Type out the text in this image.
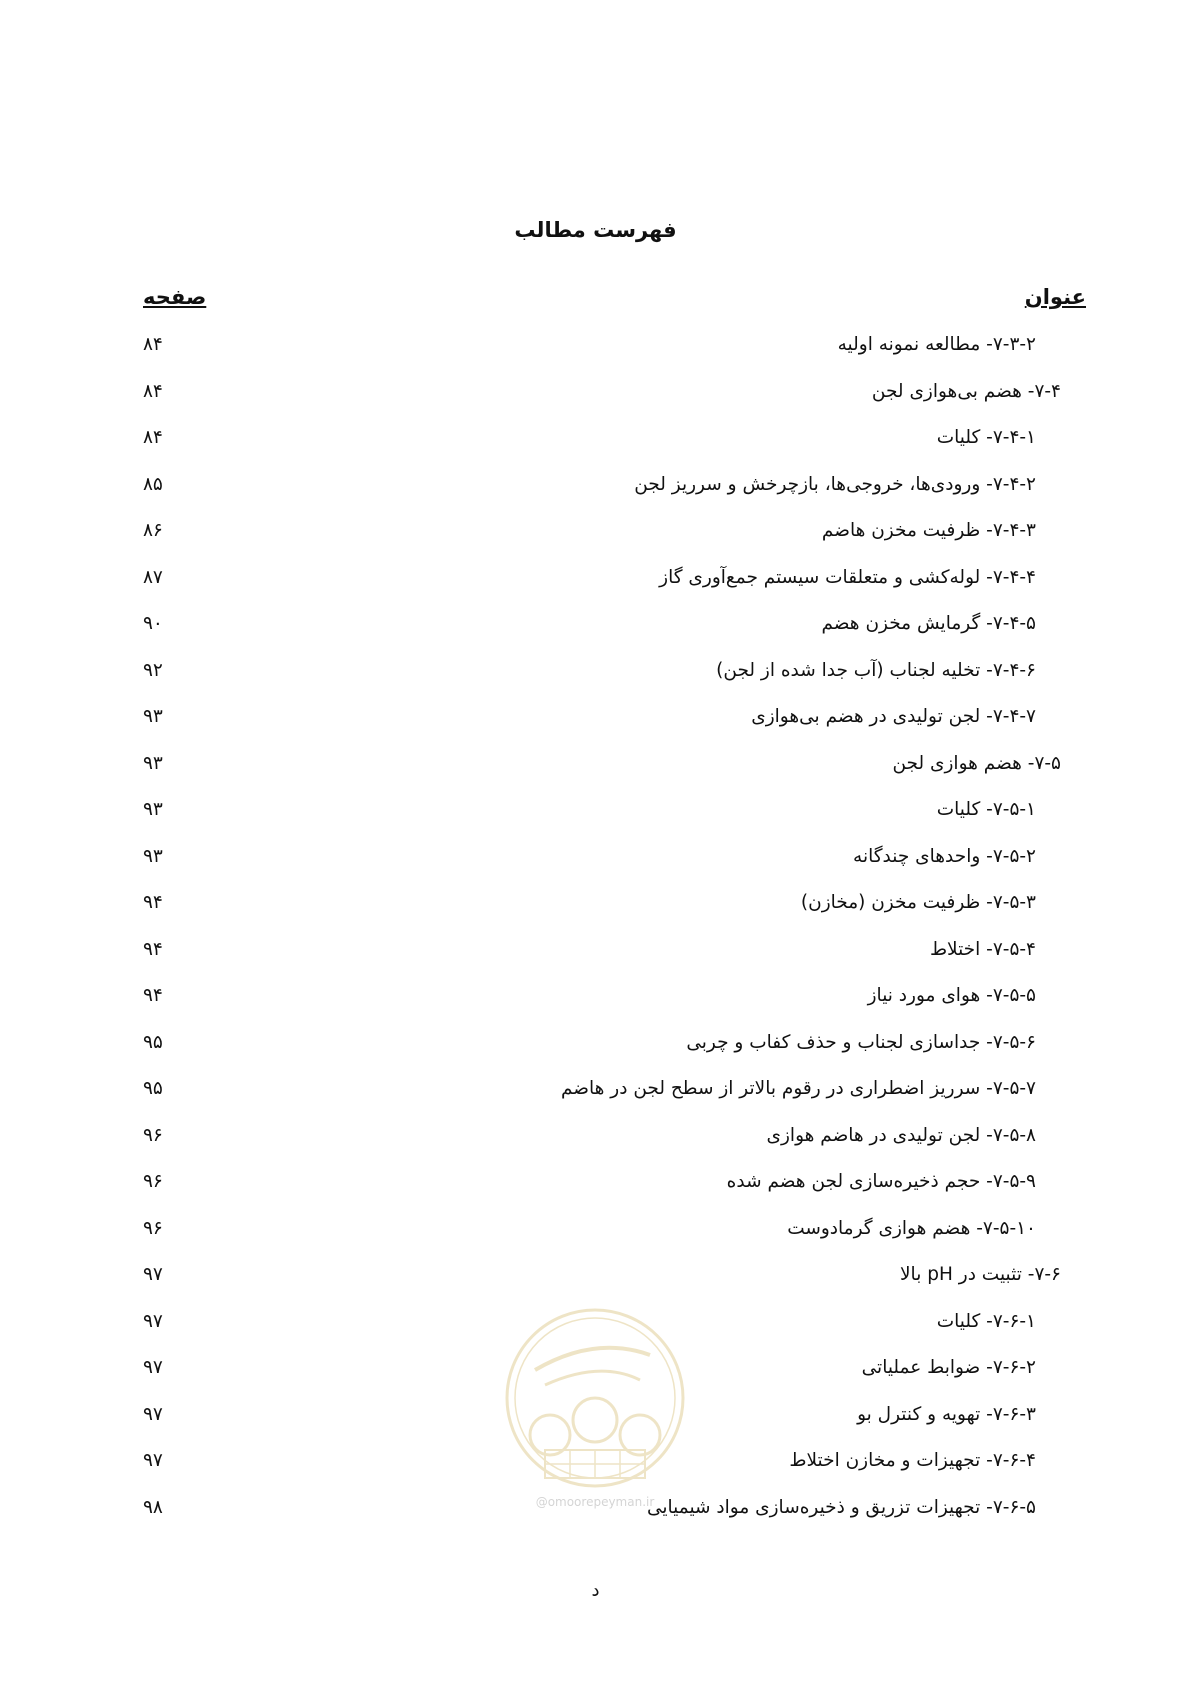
فهرست مطالب
عنوان
صفحه
۷-۳-۲- مطالعه نمونه اولیه
۸۴
۷-۴- هضم بی‌هوازی لجن
۸۴
۷-۴-۱- کلیات
۸۴
۷-۴-۲- ورودی‌ها، خروجی‌ها، بازچرخش و سرریز لجن
۸۵
۷-۴-۳- ظرفیت مخزن هاضم
۸۶
۷-۴-۴- لوله‌کشی و متعلقات سیستم جمع‌آوری گاز
۸۷
۷-۴-۵- گرمایش مخزن هضم
۹۰
۷-۴-۶- تخلیه لجناب (آب جدا شده از لجن)
۹۲
۷-۴-۷- لجن تولیدی در هضم بی‌هوازی
۹۳
۷-۵- هضم هوازی لجن
۹۳
۷-۵-۱- کلیات
۹۳
۷-۵-۲- واحدهای چندگانه
۹۳
۷-۵-۳- ظرفیت مخزن (مخازن)
۹۴
۷-۵-۴- اختلاط
۹۴
۷-۵-۵- هوای مورد نیاز
۹۴
۷-۵-۶- جداسازی لجناب و حذف کفاب و چربی
۹۵
۷-۵-۷- سرریز اضطراری در رقوم بالاتر از سطح لجن در هاضم
۹۵
۷-۵-۸- لجن تولیدی در هاضم هوازی
۹۶
۷-۵-۹- حجم ذخیره‌سازی لجن هضم شده
۹۶
۷-۵-۱۰- هضم هوازی گرمادوست
۹۶
۷-۶- تثبیت در pH بالا
۹۷
۷-۶-۱- کلیات
۹۷
۷-۶-۲- ضوابط عملیاتی
۹۷
۷-۶-۳- تهویه و کنترل بو
۹۷
۷-۶-۴- تجهیزات و مخازن اختلاط
۹۷
۷-۶-۵- تجهیزات تزریق و ذخیره‌سازی مواد شیمیایی
۹۸	@omoorepeyman.ir
د
